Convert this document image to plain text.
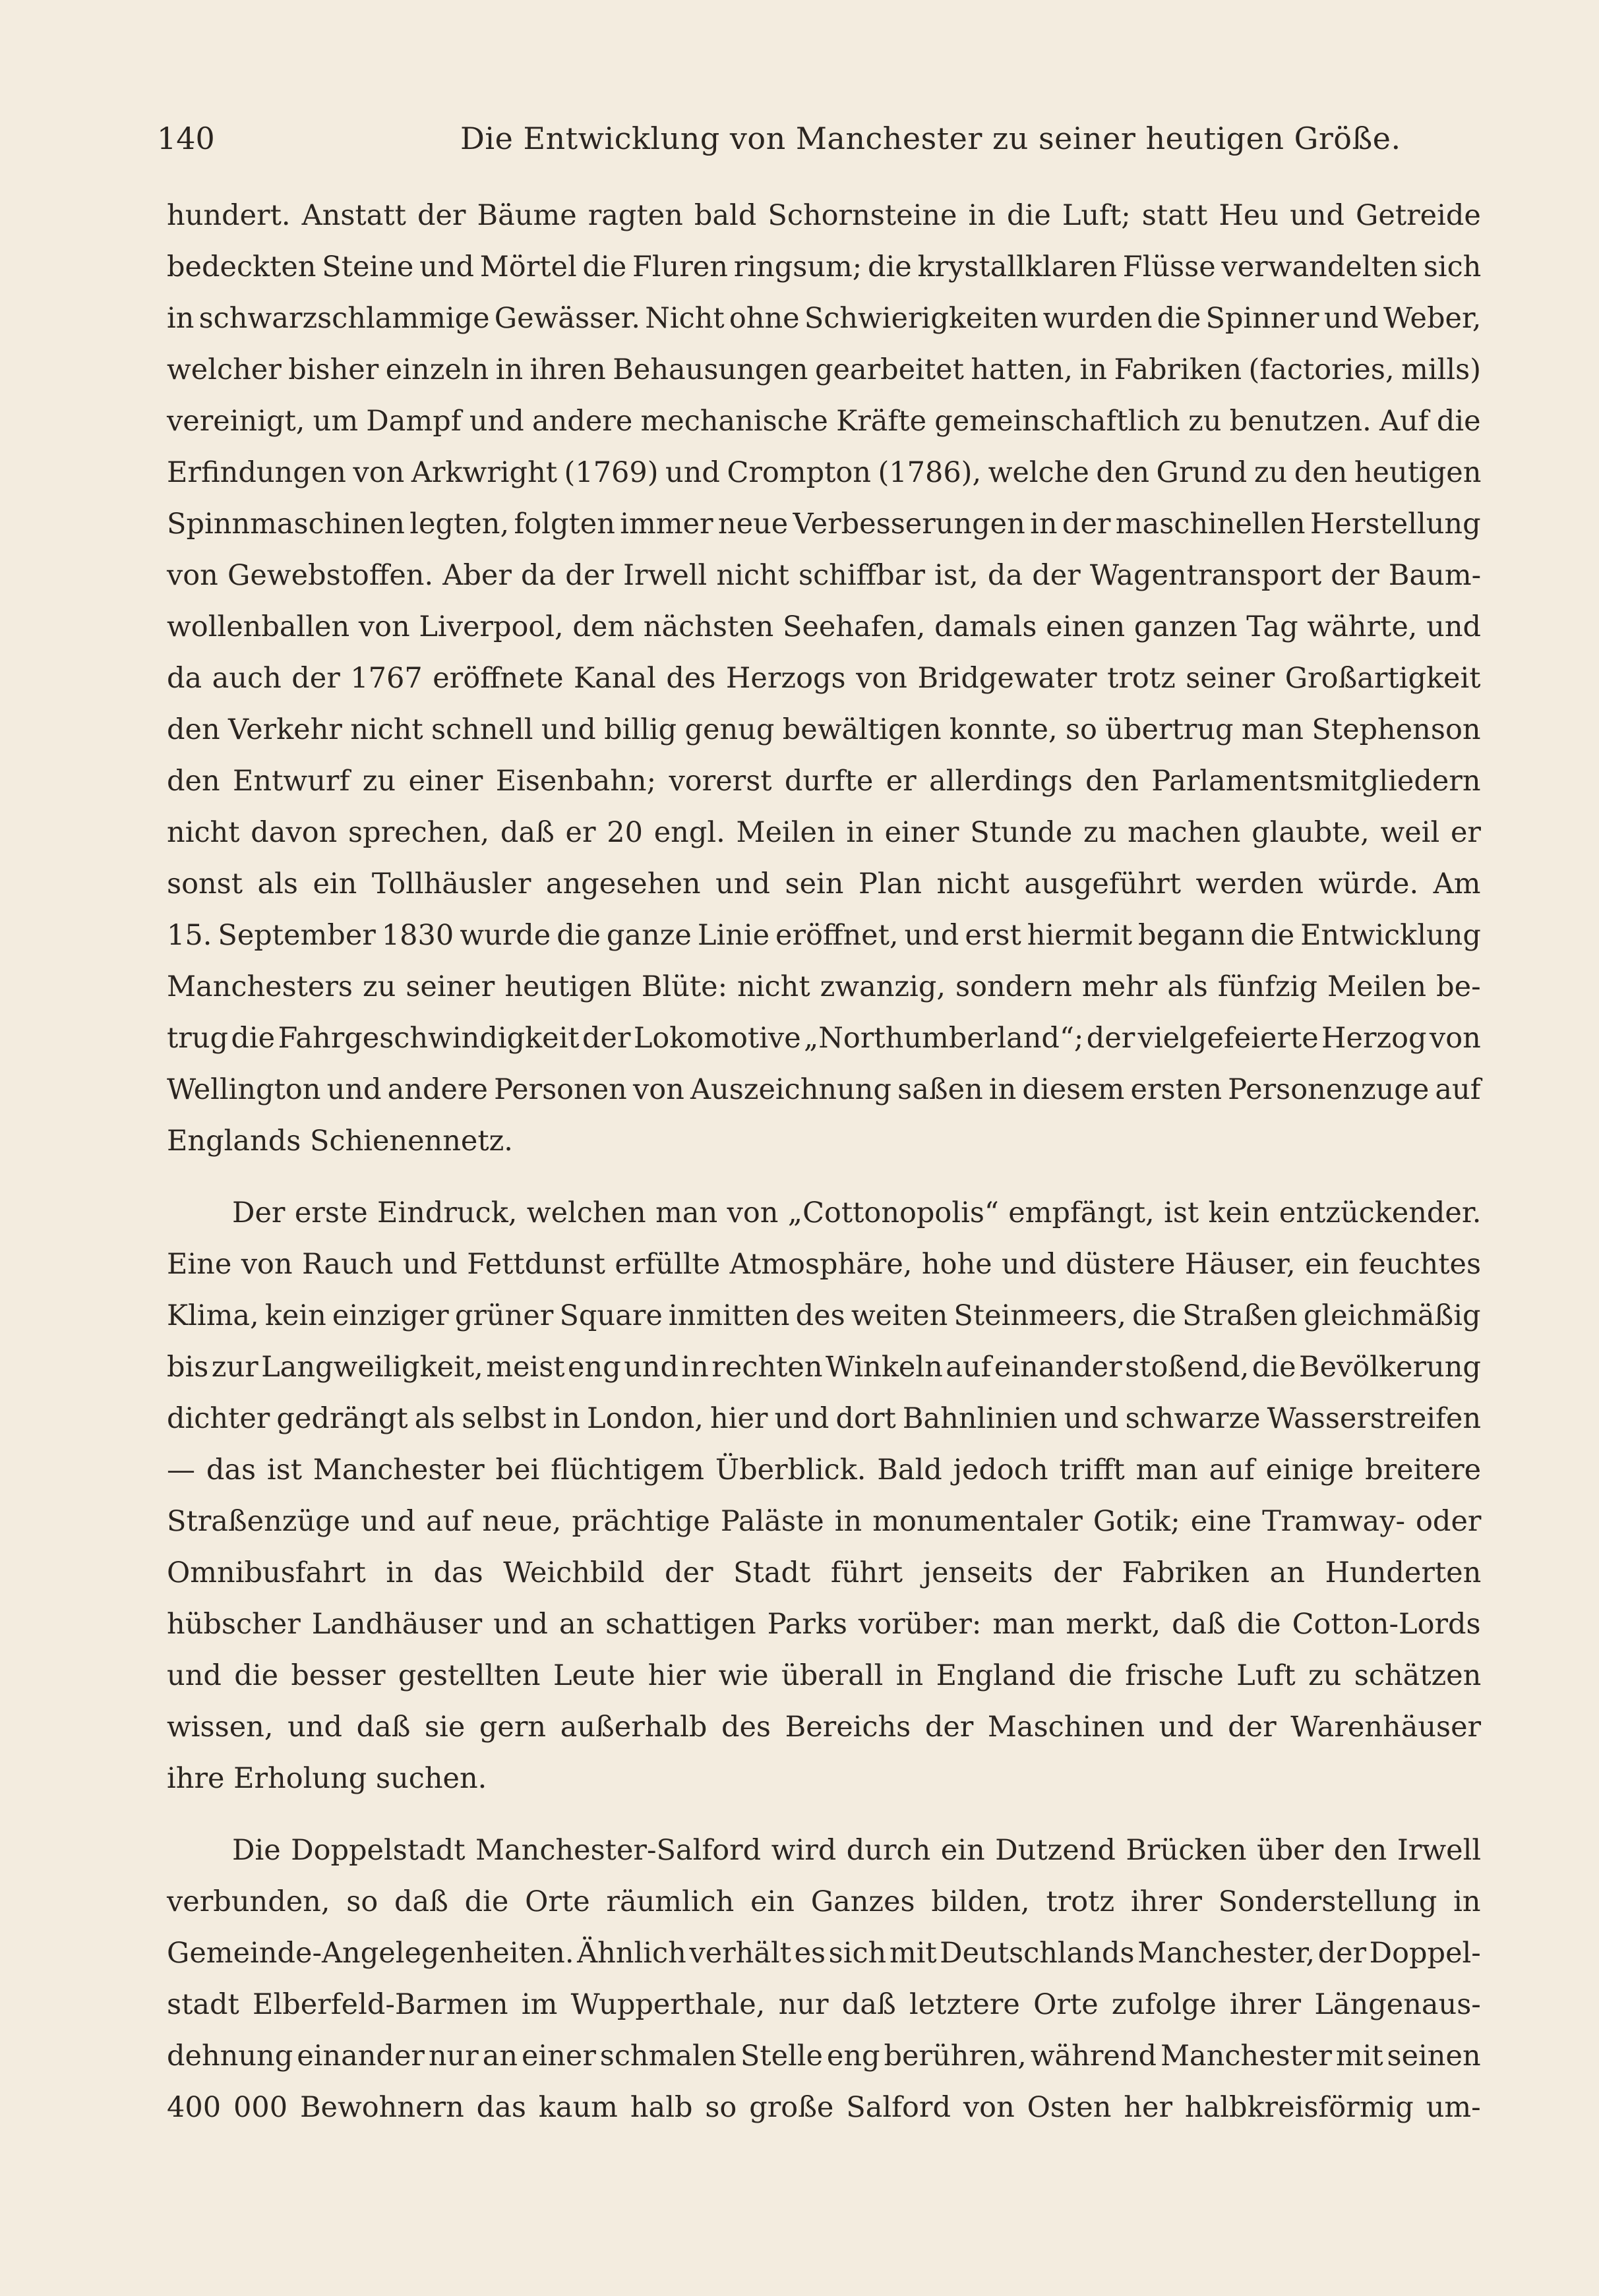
140	Die Entwicklung von Manchester zu seiner heutigen Größe.
hundert. Anstatt der Bäume ragten bald Schornsteine in die Luft; statt Heu und Getreide
bedeckten Steine und Mörtel die Fluren ringsum; die krystallklaren Flüsse verwandelten sich
in schwarzschlammige Gewässer. Nicht ohne Schwierigkeiten wurden die Spinner und Weber,
welcher bisher einzeln in ihren Behausungen gearbeitet hatten, in Fabriken (factories, mills)
vereinigt, um Dampf und andere mechanische Kräfte gemeinschaftlich zu benutzen. Auf die
Erfindungen von Arkwright (1769) und Crompton (1786), welche den Grund zu den heutigen
Spinnmaschinen legten, folgten immer neue Verbesserungen in der maschinellen Herstellung
von Gewebstoffen. Aber da der Irwell nicht schiffbar ist, da der Wagentransport der Baum-
wollenballen von Liverpool, dem nächsten Seehafen, damals einen ganzen Tag währte, und
da auch der 1767 eröffnete Kanal des Herzogs von Bridgewater trotz seiner Großartigkeit
den Verkehr nicht schnell und billig genug bewältigen konnte, so übertrug man Stephenson
den Entwurf zu einer Eisenbahn; vorerst durfte er allerdings den Parlamentsmitgliedern
nicht davon sprechen, daß er 20 engl. Meilen in einer Stunde zu machen glaubte, weil er
sonst als ein Tollhäusler angesehen und sein Plan nicht ausgeführt werden würde. Am
15. September 1830 wurde die ganze Linie eröffnet, und erst hiermit begann die Entwicklung
Manchesters zu seiner heutigen Blüte: nicht zwanzig, sondern mehr als fünfzig Meilen be-
trug die Fahrgeschwindigkeit der Lokomotive „Northumberland“; der vielgefeierte Herzog von
Wellington und andere Personen von Auszeichnung saßen in diesem ersten Personenzuge auf
Englands Schienennetz.
Der erste Eindruck, welchen man von „Cottonopolis“ empfängt, ist kein entzückender.
Eine von Rauch und Fettdunst erfüllte Atmosphäre, hohe und düstere Häuser, ein feuchtes
Klima, kein einziger grüner Square inmitten des weiten Steinmeers, die Straßen gleichmäßig
bis zur Langweiligkeit, meist eng und in rechten Winkeln auf einander stoßend, die Bevölkerung
dichter gedrängt als selbst in London, hier und dort Bahnlinien und schwarze Wasserstreifen
— das ist Manchester bei flüchtigem Überblick. Bald jedoch trifft man auf einige breitere
Straßenzüge und auf neue, prächtige Paläste in monumentaler Gotik; eine Tramway- oder
Omnibusfahrt in das Weichbild der Stadt führt jenseits der Fabriken an Hunderten
hübscher Landhäuser und an schattigen Parks vorüber: man merkt, daß die Cotton-Lords
und die besser gestellten Leute hier wie überall in England die frische Luft zu schätzen
wissen, und daß sie gern außerhalb des Bereichs der Maschinen und der Warenhäuser
ihre Erholung suchen.
Die Doppelstadt Manchester-Salford wird durch ein Dutzend Brücken über den Irwell
verbunden, so daß die Orte räumlich ein Ganzes bilden, trotz ihrer Sonderstellung in
Gemeinde-Angelegenheiten. Ähnlich verhält es sich mit Deutschlands Manchester, der Doppel-
stadt Elberfeld-Barmen im Wupperthale, nur daß letztere Orte zufolge ihrer Längenaus-
dehnung einander nur an einer schmalen Stelle eng berühren, während Manchester mit seinen
400 000 Bewohnern das kaum halb so große Salford von Osten her halbkreisförmig um-
